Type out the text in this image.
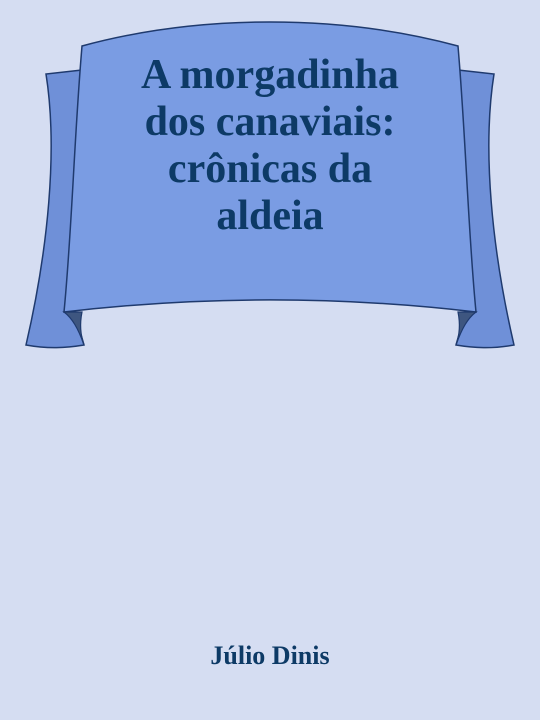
A morgadinha
dos canaviais:
crônicas da
aldeia
Júlio Dinis
